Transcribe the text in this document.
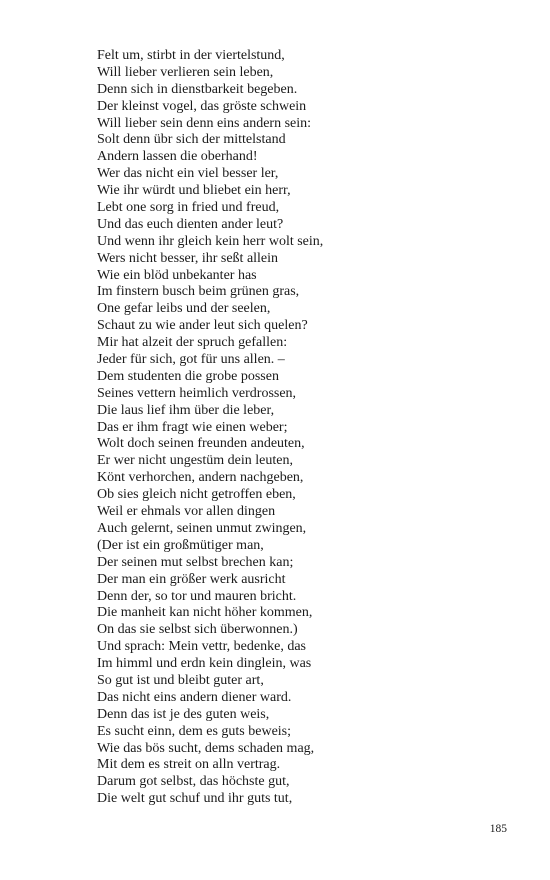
Felt um, stirbt in der viertelstund,
Will lieber verlieren sein leben,
Denn sich in dienstbarkeit begeben.
Der kleinst vogel, das gröste schwein
Will lieber sein denn eins andern sein:
Solt denn übr sich der mittelstand
Andern lassen die oberhand!
Wer das nicht ein viel besser ler,
Wie ihr würdt und bliebet ein herr,
Lebt one sorg in fried und freud,
Und das euch dienten ander leut?
Und wenn ihr gleich kein herr wolt sein,
Wers nicht besser, ihr seßt allein
Wie ein blöd unbekanter has
Im finstern busch beim grünen gras,
One gefar leibs und der seelen,
Schaut zu wie ander leut sich quelen?
Mir hat alzeit der spruch gefallen:
Jeder für sich, got für uns allen. –
Dem studenten die grobe possen
Seines vettern heimlich verdrossen,
Die laus lief ihm über die leber,
Das er ihm fragt wie einen weber;
Wolt doch seinen freunden andeuten,
Er wer nicht ungestüm dein leuten,
Könt verhorchen, andern nachgeben,
Ob sies gleich nicht getroffen eben,
Weil er ehmals vor allen dingen
Auch gelernt, seinen unmut zwingen,
(Der ist ein großmütiger man,
Der seinen mut selbst brechen kan;
Der man ein größer werk ausricht
Denn der, so tor und mauren bricht.
Die manheit kan nicht höher kommen,
On das sie selbst sich überwonnen.)
Und sprach: Mein vettr, bedenke, das
Im himml und erdn kein dinglein, was
So gut ist und bleibt guter art,
Das nicht eins andern diener ward.
Denn das ist je des guten weis,
Es sucht einn, dem es guts beweis;
Wie das bös sucht, dems schaden mag,
Mit dem es streit on alln vertrag.
Darum got selbst, das höchste gut,
Die welt gut schuf und ihr guts tut,
185
